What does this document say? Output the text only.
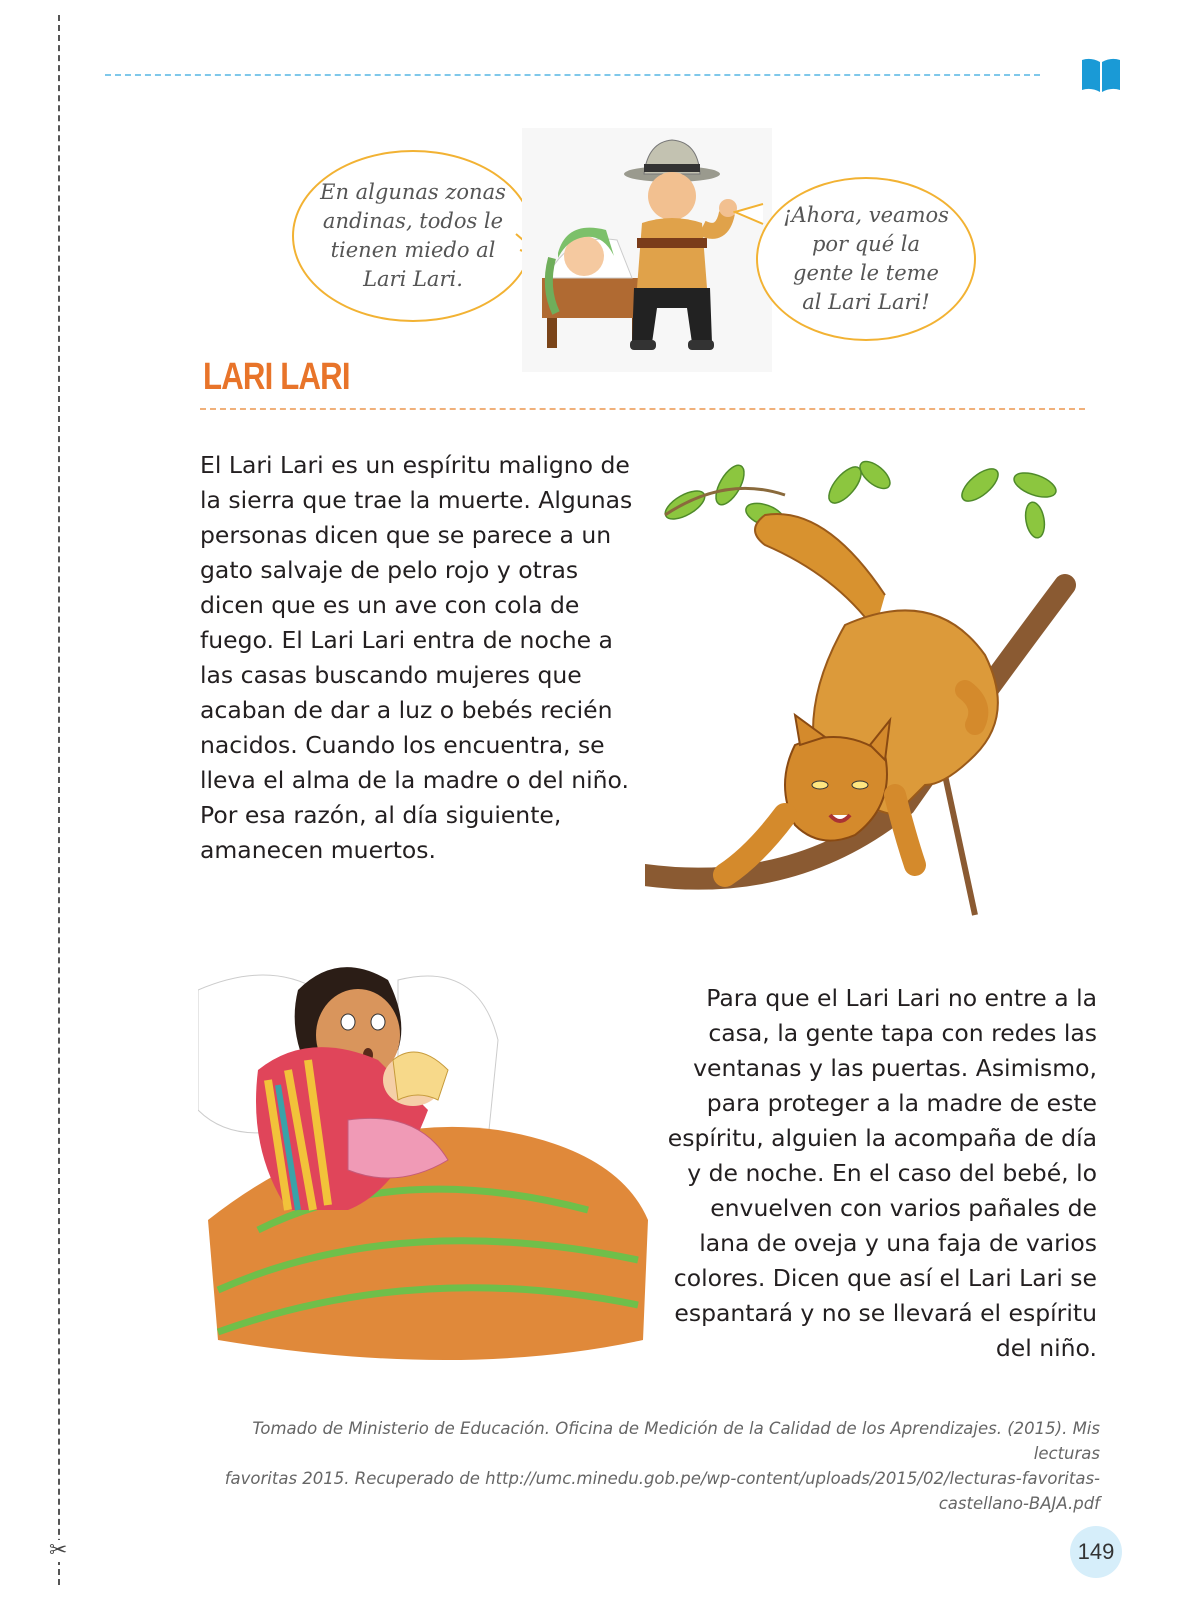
✂
En algunas zonas
andinas, todos le
tienen miedo al
Lari Lari.
¡Ahora, veamos
por qué la
gente le teme
al Lari Lari!
LARI LARI
El Lari Lari es un espíritu maligno de la sierra que trae la muerte. Algunas personas dicen que se parece a un gato salvaje de pelo rojo y otras dicen que es un ave con cola de fuego. El Lari Lari entra de noche a las casas buscando mujeres que acaban de dar a luz o bebés recién nacidos. Cuando los encuentra, se lleva el alma de la madre o del niño. Por esa razón, al día siguiente, amanecen muertos.
Para que el Lari Lari no entre a la casa, la gente tapa con redes las ventanas y las puertas. Asimismo, para proteger a la madre de este espíritu, alguien la acompaña de día y de noche. En el caso del bebé, lo envuelven con varios pañales de lana de oveja y una faja de varios colores. Dicen que así el Lari Lari se espantará y no se llevará el espíritu del niño.
Tomado de Ministerio de Educación. Oficina de Medición de la Calidad de los Aprendizajes. (2015). Mis lecturas
favoritas 2015. Recuperado de http://umc.minedu.gob.pe/wp-content/uploads/2015/02/lecturas-favoritas-
castellano-BAJA.pdf
149
